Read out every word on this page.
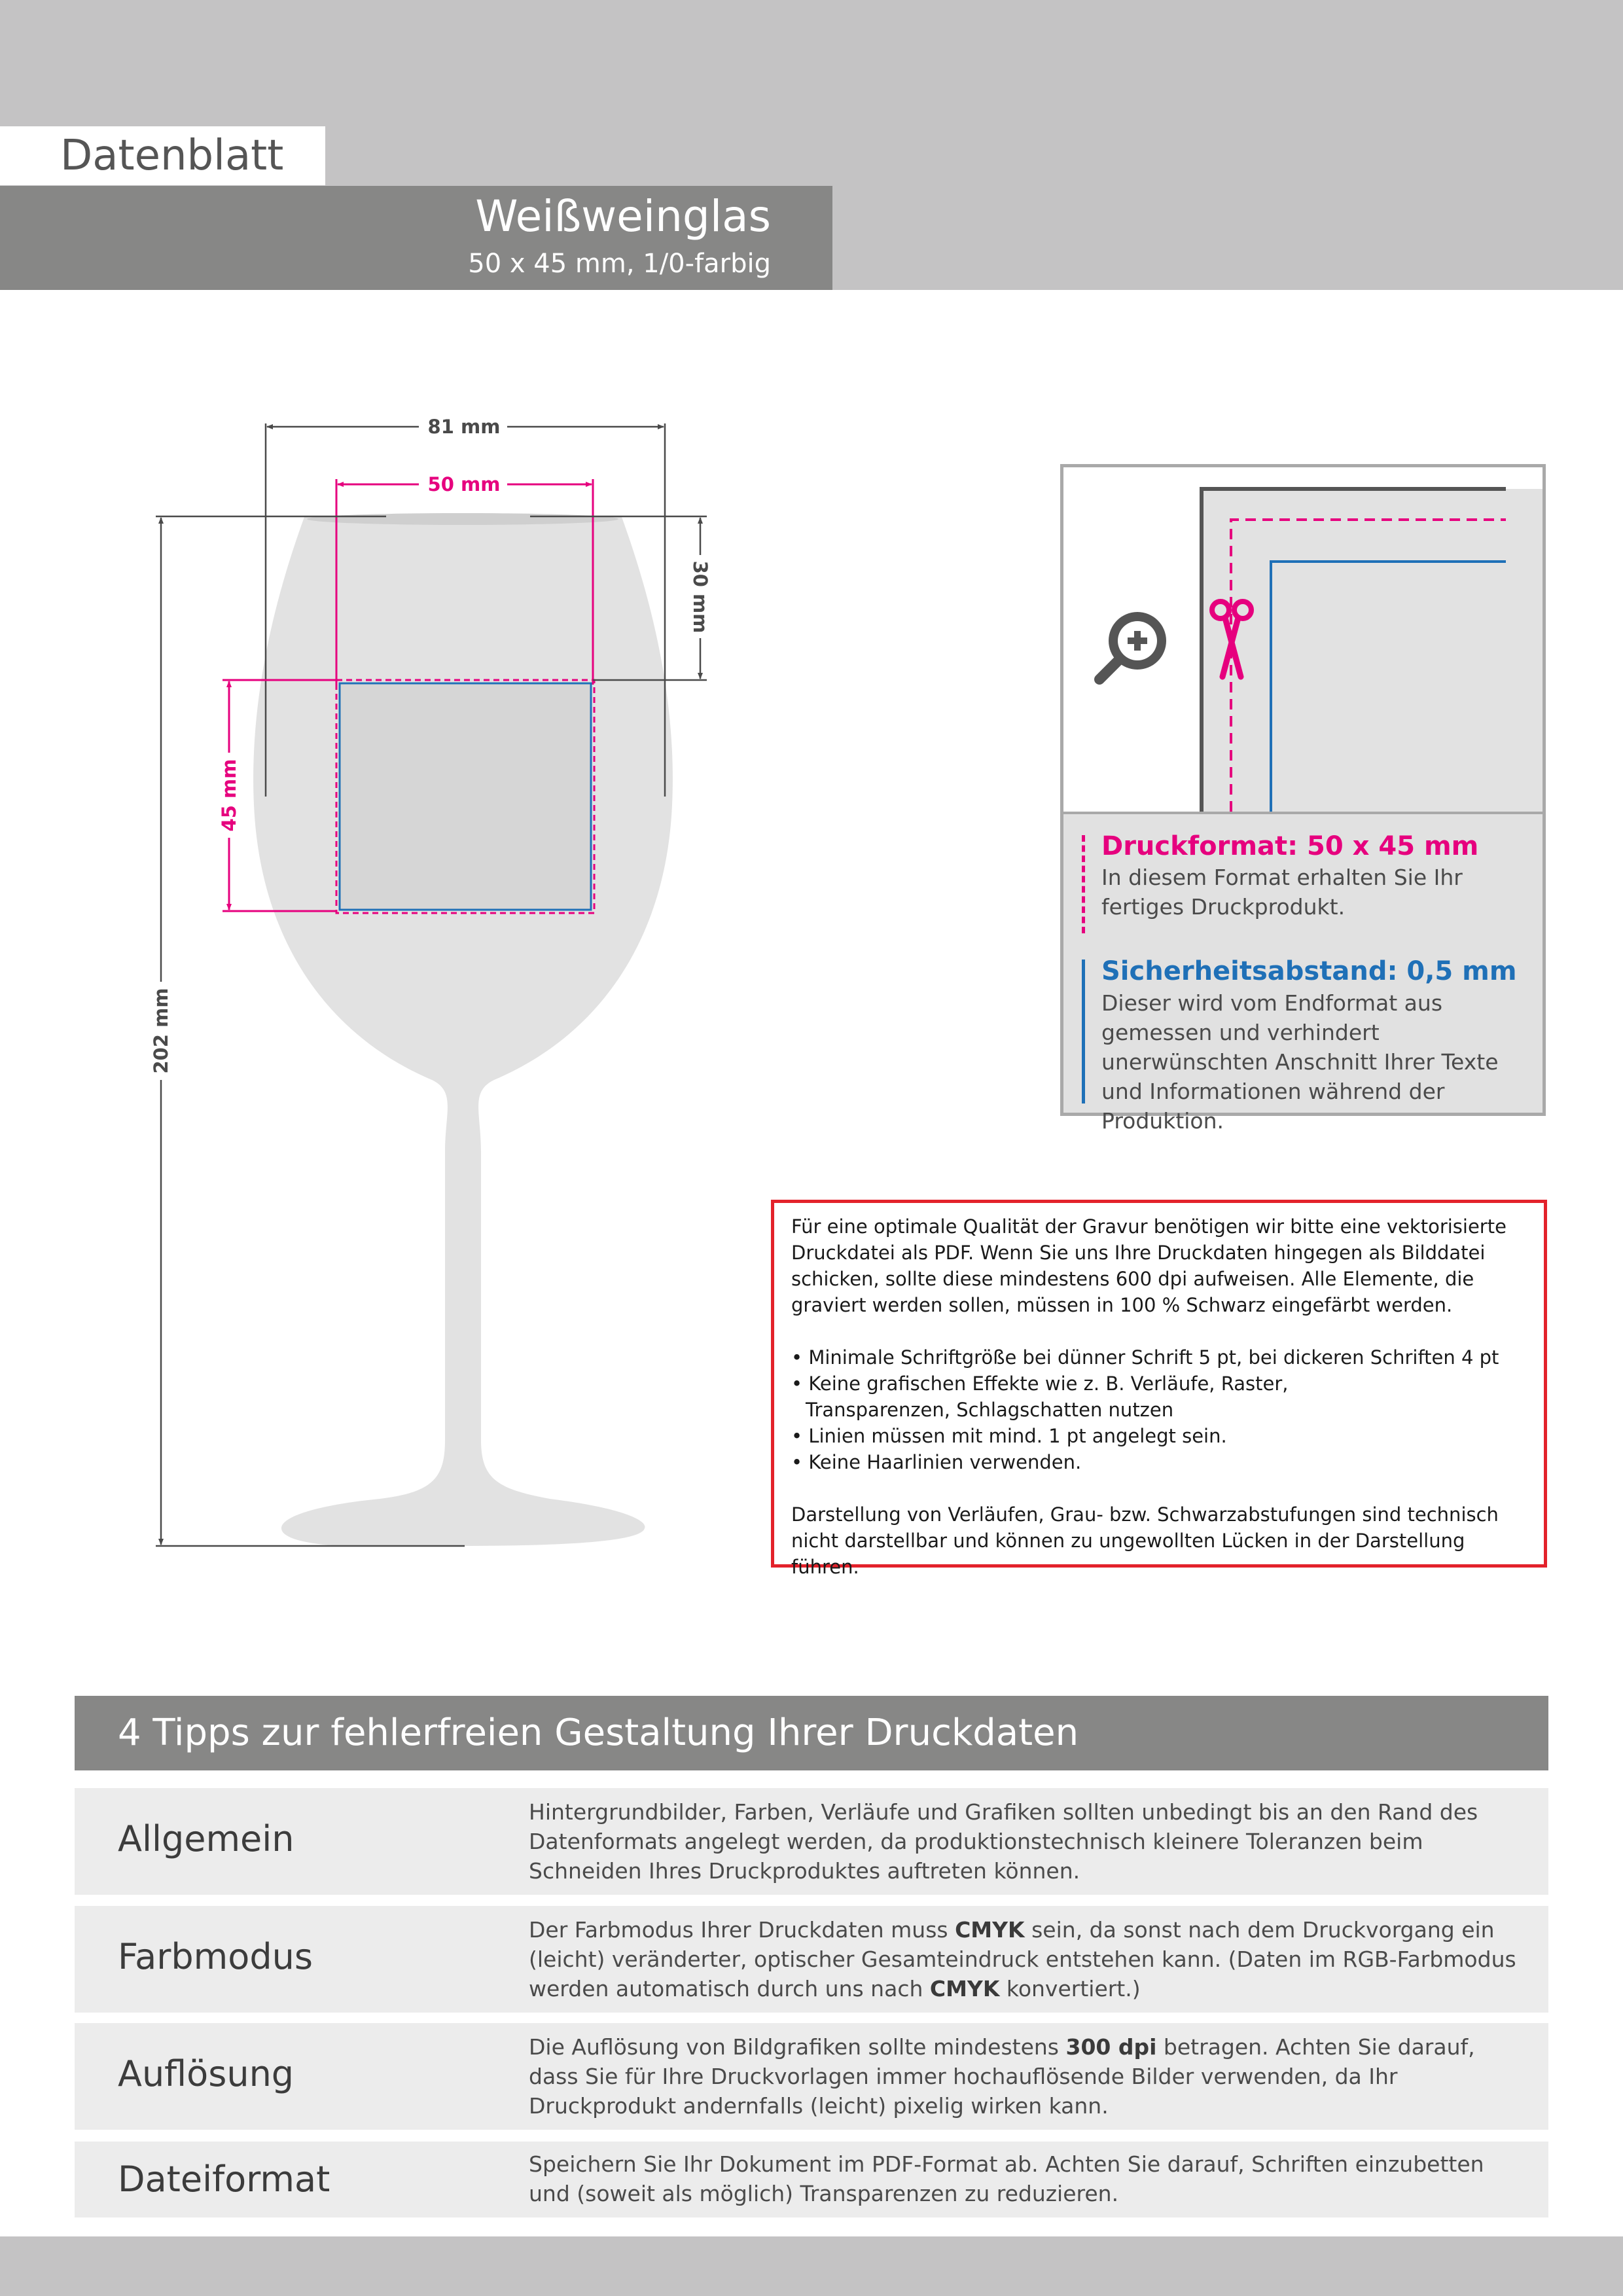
Datenblatt
Weißweinglas
50 x 45 mm, 1/0-farbig
81 mm
50 mm
30 mm
45 mm
202 mm
Druckformat: 50 x 45 mm
In diesem Format erhalten Sie Ihr fertiges Druckprodukt.
Sicherheitsabstand: 0,5 mm
Dieser wird vom Endformat aus gemessen und verhindert unerwünschten Anschnitt Ihrer Texte und Informationen während der Produktion.

Für eine optimale Qualität der Gravur benötigen wir bitte eine vektorisierte Druckdatei als PDF. Wenn Sie uns Ihre Druckdaten hingegen als Bilddatei schicken, sollte diese mindestens 600 dpi aufweisen. Alle Elemente, die graviert werden sollen, müssen in 100 % Schwarz eingefärbt werden.

• Minimale Schriftgröße bei dünner Schrift 5 pt, bei dickeren Schriften 4 pt

• Keine grafischen Effekte wie z. B. Verläufe, Raster,

Transparenzen, Schlagschatten nutzen

• Linien müssen mit mind. 1 pt angelegt sein.

• Keine Haarlinien verwenden.

Darstellung von Verläufen, Grau- bzw. Schwarzabstufungen sind technisch nicht darstellbar und können zu ungewollten Lücken in der Darstellung führen.

4 Tipps zur fehlerfreien Gestaltung Ihrer Druckdaten
Allgemein
Hintergrundbilder, Farben, Verläufe und Grafiken sollten unbedingt bis an den Rand des Datenformats angelegt werden, da produktionstechnisch kleinere Toleranzen beim Schneiden Ihres Druckproduktes auftreten können.
Farbmodus
Der Farbmodus Ihrer Druckdaten muss CMYK sein, da sonst nach dem Druckvorgang ein (leicht) veränderter, optischer Gesamteindruck entstehen kann. (Daten im RGB-Farbmodus werden automatisch durch uns nach CMYK konvertiert.)
Auflösung
Die Auflösung von Bildgrafiken sollte mindestens 300 dpi betragen. Achten Sie darauf, dass Sie für Ihre Druckvorlagen immer hochauflösende Bilder verwenden, da Ihr Druckprodukt andernfalls (leicht) pixelig wirken kann.
Dateiformat	Speichern Sie Ihr Dokument im PDF-Format ab. Achten Sie darauf, Schriften einzubetten und (soweit als möglich) Transparenzen zu reduzieren.
